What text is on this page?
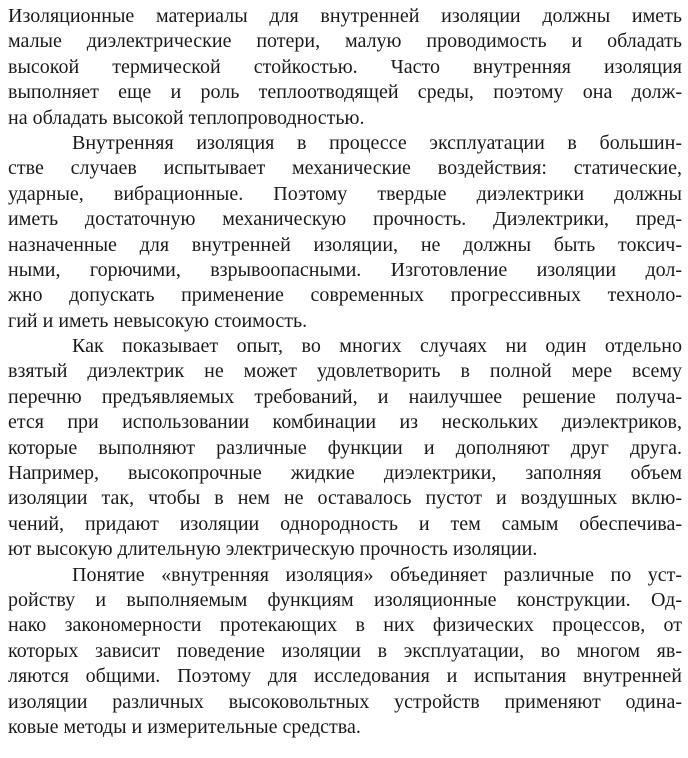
Изоляционные материалы для внутренней изоляции должны иметь
малые диэлектрические потери, малую проводимость и обладать
высокой термической стойкостью. Часто внутренняя изоляция
выполняет еще и роль теплоотводящей среды, поэтому она долж-
на обладать высокой теплопроводностью.
Внутренняя изоляция в процессе эксплуатации в большин-
стве случаев испытывает механические воздействия: статические,
ударные, вибрационные. Поэтому твердые диэлектрики должны
иметь достаточную механическую прочность. Диэлектрики, пред-
назначенные для внутренней изоляции, не должны быть токсич-
ными, горючими, взрывоопасными. Изготовление изоляции дол-
жно допускать применение современных прогрессивных техноло-
гий и иметь невысокую стоимость.
Как показывает опыт, во многих случаях ни один отдельно
взятый диэлектрик не может удовлетворить в полной мере всему
перечню предъявляемых требований, и наилучшее решение получа-
ется при использовании комбинации из нескольких диэлектриков,
которые выполняют различные функции и дополняют друг друга.
Например, высокопрочные жидкие диэлектрики, заполняя объем
изоляции так, чтобы в нем не оставалось пустот и воздушных вклю-
чений, придают изоляции однородность и тем самым обеспечива-
ют высокую длительную электрическую прочность изоляции.
Понятие «внутренняя изоляция» объединяет различные по уст-
ройству и выполняемым функциям изоляционные конструкции. Од-
нако закономерности протекающих в них физических процессов, от
которых зависит поведение изоляции в эксплуатации, во многом яв-
ляются общими. Поэтому для исследования и испытания внутренней
изоляции различных высоковольтных устройств применяют одина-
ковые методы и измерительные средства.
